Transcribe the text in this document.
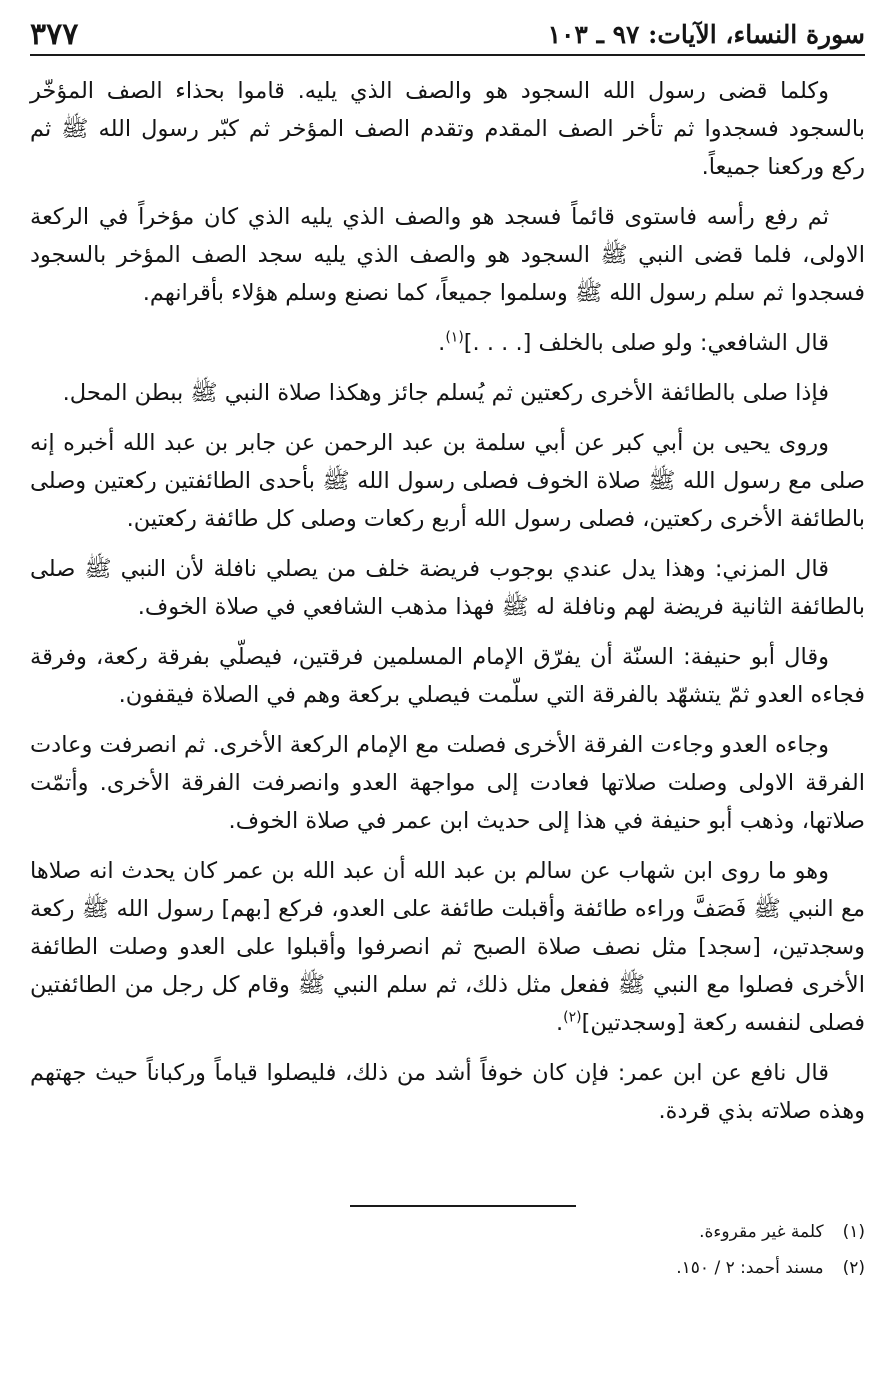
سورة النساء، الآيات: ٩٧ ـ ١٠٣
٣٧٧

وكلما قضى رسول الله السجود هو والصف الذي يليه. قاموا بحذاء الصف المؤخّر بالسجود فسجدوا ثم تأخر الصف المقدم وتقدم الصف المؤخر ثم كبّر رسول الله ﷺ ثم ركع وركعنا جميعاً.

ثم رفع رأسه فاستوى قائماً فسجد هو والصف الذي يليه الذي كان مؤخراً في الركعة الاولى، فلما قضى النبي ﷺ السجود هو والصف الذي يليه سجد الصف المؤخر بالسجود فسجدوا ثم سلم رسول الله ﷺ وسلموا جميعاً، كما نصنع وسلم هؤلاء بأقرانهم.

قال الشافعي: ولو صلى بالخلف [. . . .]$^{(١)}$.

فإذا صلى بالطائفة الأخرى ركعتين ثم يُسلم جائز وهكذا صلاة النبي ﷺ ببطن المحل.

وروى يحيى بن أبي كبر عن أبي سلمة بن عبد الرحمن عن جابر بن عبد الله أخبره إنه صلى مع رسول الله ﷺ صلاة الخوف فصلى رسول الله ﷺ بأحدى الطائفتين ركعتين وصلى بالطائفة الأخرى ركعتين، فصلى رسول الله أربع ركعات وصلى كل طائفة ركعتين.

قال المزني: وهذا يدل عندي بوجوب فريضة خلف من يصلي نافلة لأن النبي ﷺ صلى بالطائفة الثانية فريضة لهم ونافلة له ﷺ فهذا مذهب الشافعي في صلاة الخوف.

وقال أبو حنيفة: السنّة أن يفرّق الإمام المسلمين فرقتين، فيصلّي بفرقة ركعة، وفرقة فجاءه العدو ثمّ يتشهّد بالفرقة التي سلّمت فيصلي بركعة وهم في الصلاة فيقفون.

وجاءه العدو وجاءت الفرقة الأخرى فصلت مع الإمام الركعة الأخرى. ثم انصرفت وعادت الفرقة الاولى وصلت صلاتها فعادت إلى مواجهة العدو وانصرفت الفرقة الأخرى. وأتمّت صلاتها، وذهب أبو حنيفة في هذا إلى حديث ابن عمر في صلاة الخوف.

وهو ما روى ابن شهاب عن سالم بن عبد الله أن عبد الله بن عمر كان يحدث انه صلاها مع النبي ﷺ فَصَفَّ وراءه طائفة وأقبلت طائفة على العدو، فركع [بهم] رسول الله ﷺ ركعة وسجدتين، [سجد] مثل نصف صلاة الصبح ثم انصرفوا وأقبلوا على العدو وصلت الطائفة الأخرى فصلوا مع النبي ﷺ ففعل مثل ذلك، ثم سلم النبي ﷺ وقام كل رجل من الطائفتين فصلى لنفسه ركعة [وسجدتين]$^{(٢)}$.

قال نافع عن ابن عمر: فإن كان خوفاً أشد من ذلك، فليصلوا قياماً وركباناً حيث جهتهم وهذه صلاته بذي قردة.

(١) كلمة غير مقروءة.

(٢) مسند أحمد: ٢ / ١٥٠.
